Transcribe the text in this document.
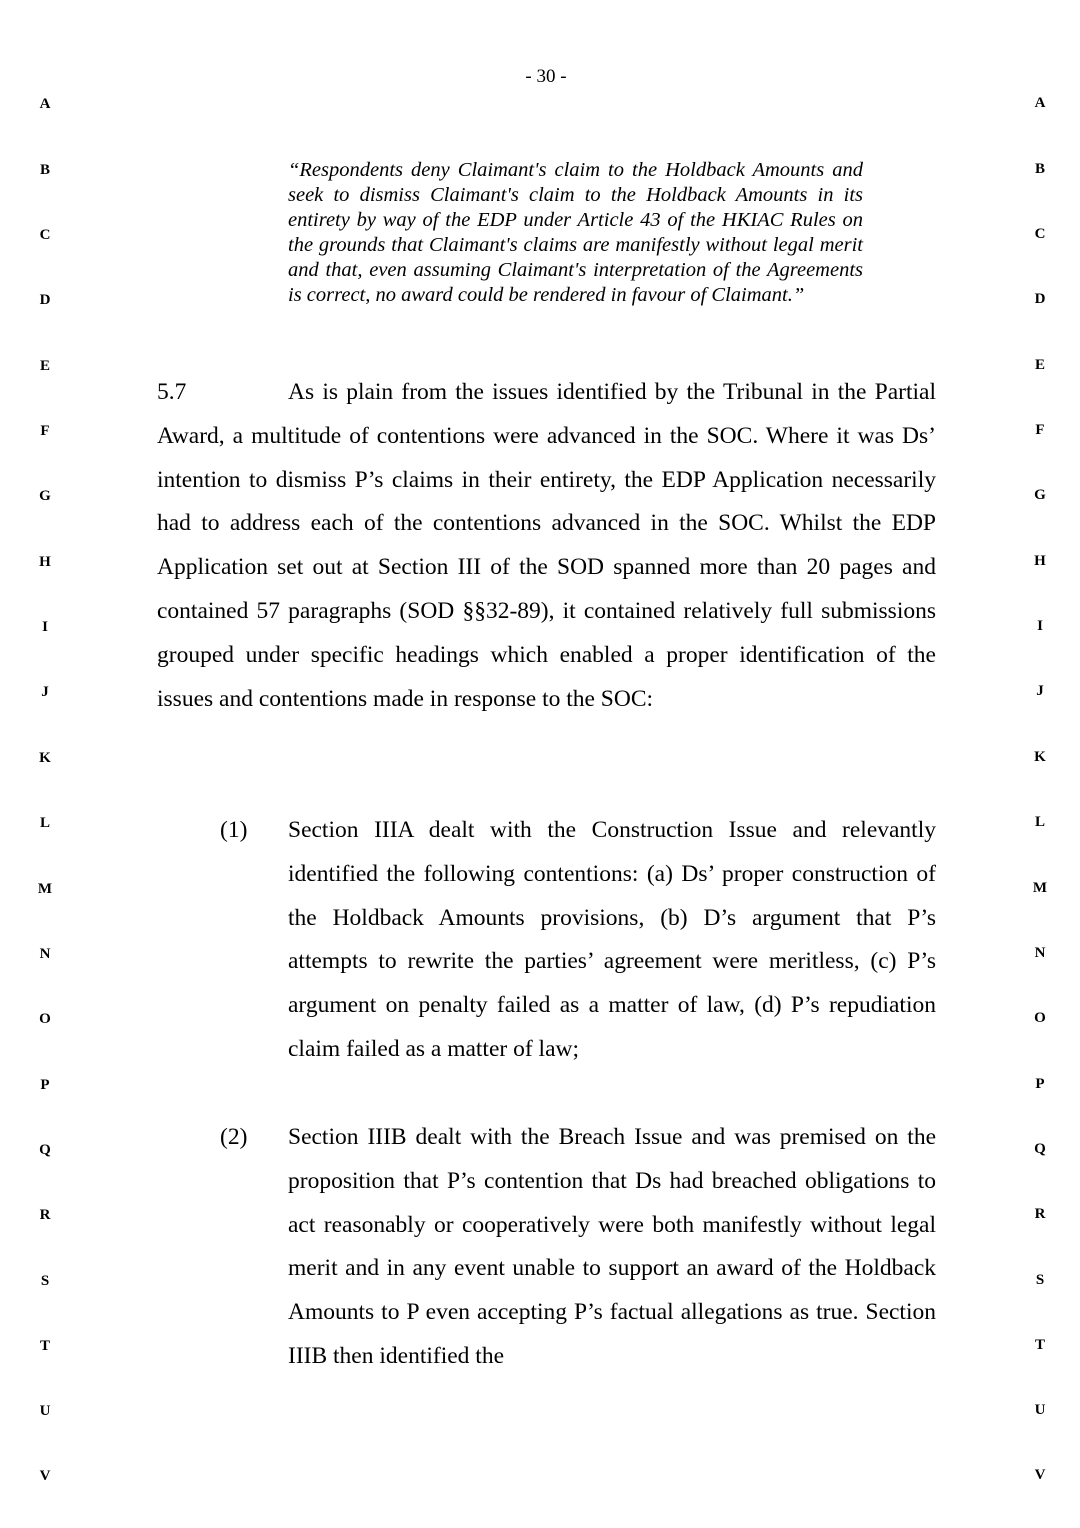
- 30 -
A
B
C
D
E
F
G
H
I
J
K
L
M
N
O
P
Q
R
S
T
U
V
A
B
C
D
E
F
G
H
I
J
K
L
M
N
O
P
Q
R
S
T
U
V

“Respondents deny Claimant's claim to the Holdback Amounts and seek to dismiss Claimant's claim to the Holdback Amounts in its entirety by way of the EDP under Article 43 of the HKIAC Rules on the grounds that Claimant's claims are manifestly without legal merit and that, even assuming Claimant's interpretation of the Agreements is correct, no award could be rendered in favour of Claimant.”

5.7	As is plain from the issues identified by the Tribunal in the Partial Award, a multitude of contentions were advanced in the SOC. Where it was Ds’ intention to dismiss P’s claims in their entirety, the EDP Application necessarily had to address each of the contentions advanced in the SOC. Whilst the EDP Application set out at Section III of the SOD spanned more than 20 pages and contained 57 paragraphs (SOD §§32-89), it contained relatively full submissions grouped under specific headings which enabled a proper identification of the issues and contentions made in response to the SOC:
(1) Section IIIA dealt with the Construction Issue and relevantly identified the following contentions: (a) Ds’ proper construction of the Holdback Amounts provisions, (b) D’s argument that P’s attempts to rewrite the parties’ agreement were meritless, (c) P’s argument on penalty failed as a matter of law, (d) P’s repudiation claim failed as a matter of law;
(2) Section IIIB dealt with the Breach Issue and was premised on the proposition that P’s contention that Ds had breached obligations to act reasonably or cooperatively were both manifestly without legal merit and in any event unable to support an award of the Holdback Amounts to P even accepting P’s factual allegations as true. Section IIIB then identified the
